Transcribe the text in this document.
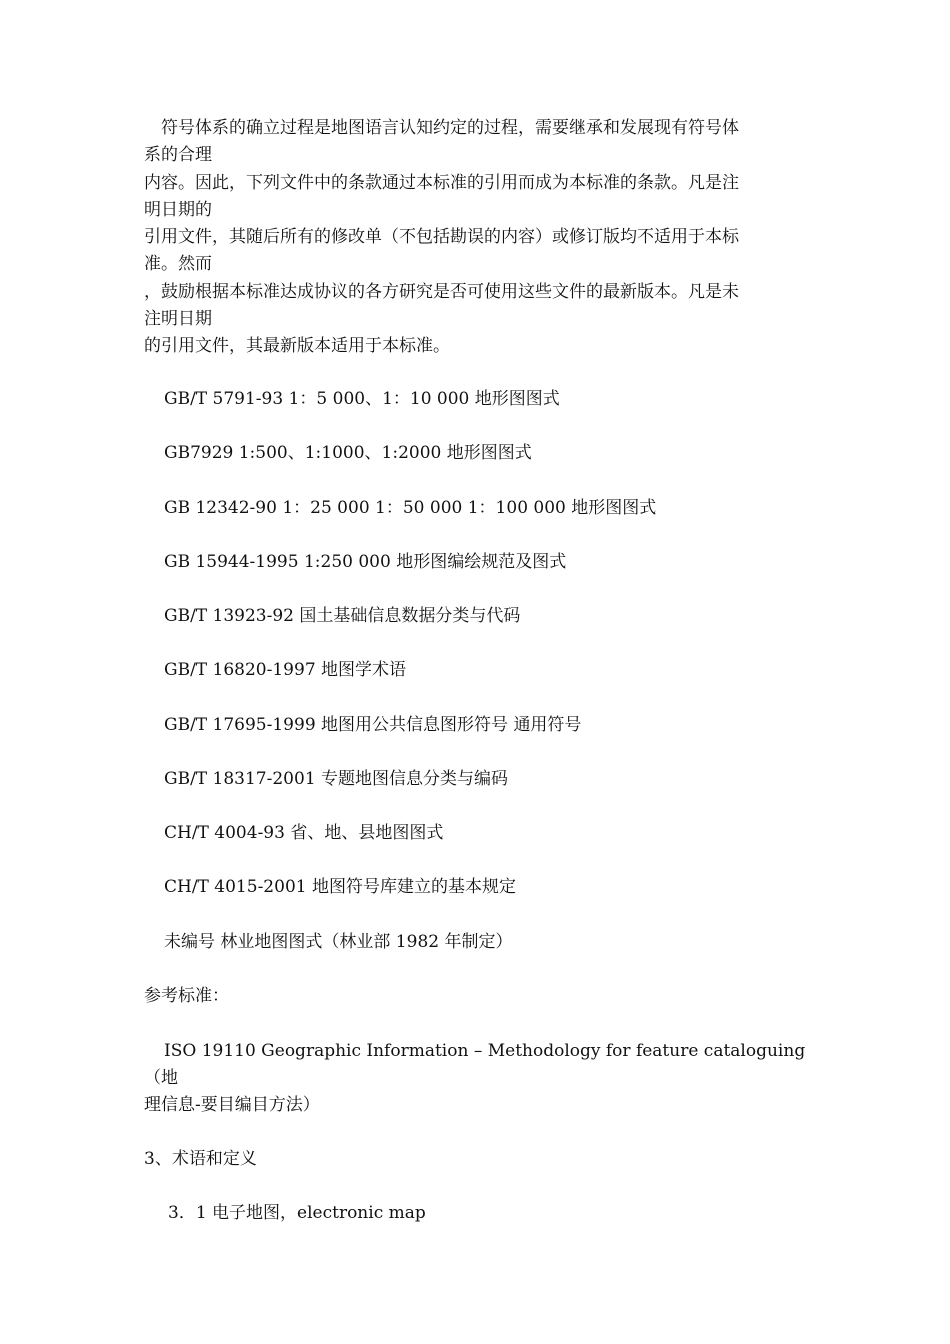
　符号体系的确立过程是地图语言认知约定的过程，需要继承和发展现有符号体
系的合理
内容。因此，下列文件中的条款通过本标准的引用而成为本标准的条款。凡是注
明日期的
引用文件，其随后所有的修改单（不包括勘误的内容）或修订版均不适用于本标
准。然而
，鼓励根据本标准达成协议的各方研究是否可使用这些文件的最新版本。凡是未
注明日期
的引用文件，其最新版本适用于本标准。
GB/T 5791-93 1：5 000、1：10 000 地形图图式
GB7929 1:500、1:1000、1:2000 地形图图式
GB 12342-90 1：25 000 1：50 000 1：100 000 地形图图式
GB 15944-1995 1:250 000 地形图编绘规范及图式
GB/T 13923-92 国土基础信息数据分类与代码
GB/T 16820-1997 地图学术语
GB/T 17695-1999 地图用公共信息图形符号 通用符号
GB/T 18317-2001 专题地图信息分类与编码
CH/T 4004-93 省、地、县地图图式
CH/T 4015-2001 地图符号库建立的基本规定
未编号 林业地图图式（林业部 1982 年制定）
参考标准：
ISO 19110 Geographic Information – Methodology for feature cataloguing
（地
理信息-要目编目方法）
3、术语和定义
3．1 电子地图，electronic map
